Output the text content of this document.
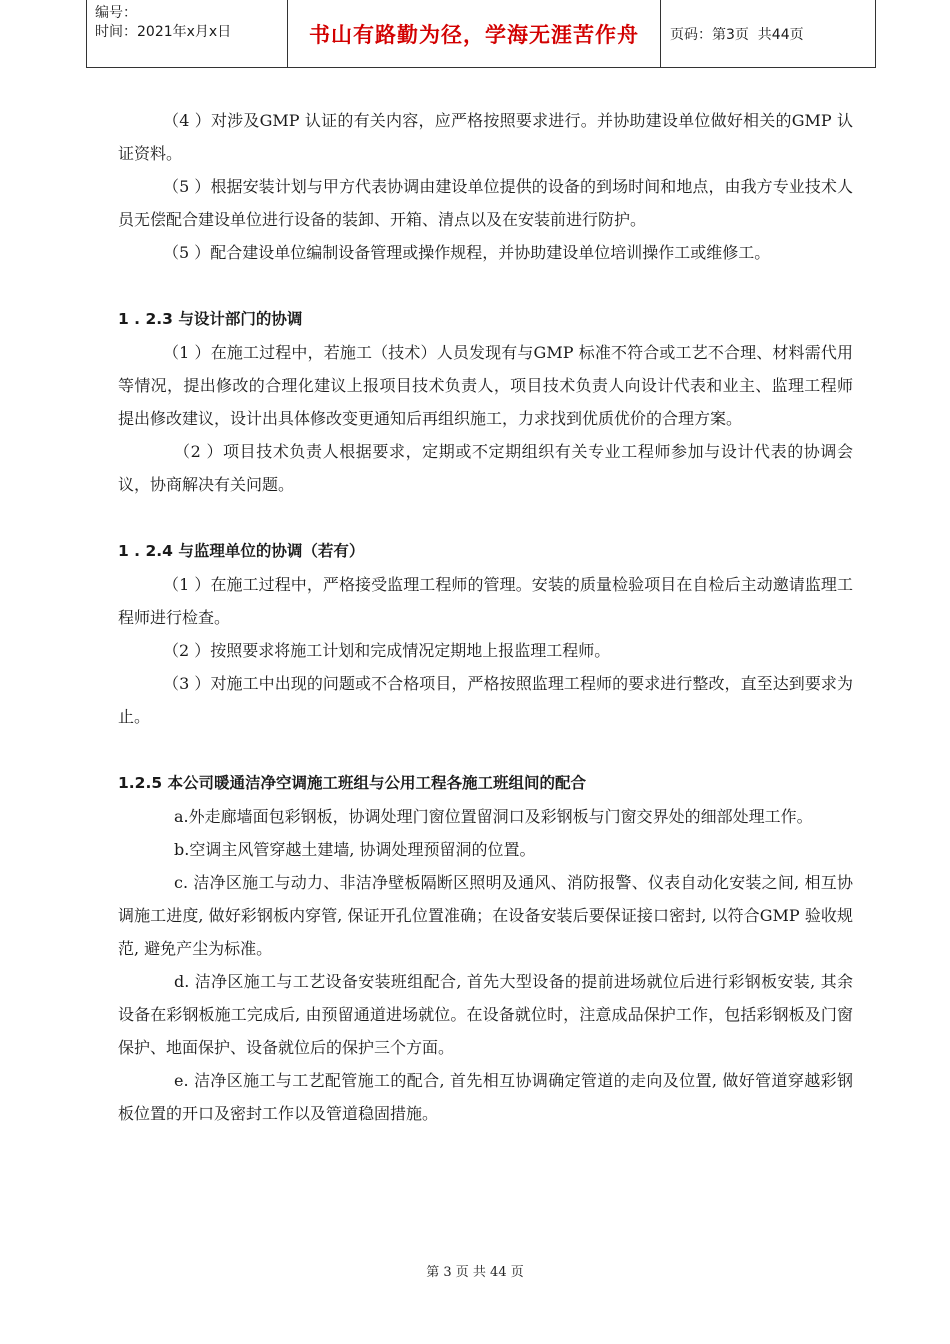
编号：
时间：2021年x月x日	书山有路勤为径，学海无涯苦作舟	页码：第3页  共44页

（4 ）对涉及GMP 认证的有关内容，应严格按照要求进行。并协助建设单位做好相关的GMP 认证资料。

（5 ）根据安装计划与甲方代表协调由建设单位提供的设备的到场时间和地点，由我方专业技术人员无偿配合建设单位进行设备的装卸、开箱、清点以及在安装前进行防护。

（5 ）配合建设单位编制设备管理或操作规程，并协助建设单位培训操作工或维修工。

1 . 2.3 与设计部门的协调

（1 ）在施工过程中，若施工（技术）人员发现有与GMP 标准不符合或工艺不合理、材料需代用等情况，提出修改的合理化建议上报项目技术负责人，项目技术负责人向设计代表和业主、监理工程师提出修改建议，设计出具体修改变更通知后再组织施工，力求找到优质优价的合理方案。

（2 ）项目技术负责人根据要求，定期或不定期组织有关专业工程师参加与设计代表的协调会议，协商解决有关问题。

1 . 2.4 与监理单位的协调（若有）

（1 ）在施工过程中，严格接受监理工程师的管理。安装的质量检验项目在自检后主动邀请监理工程师进行检查。

（2 ）按照要求将施工计划和完成情况定期地上报监理工程师。

（3 ）对施工中出现的问题或不合格项目，严格按照监理工程师的要求进行整改，直至达到要求为止。

1.2.5 本公司暖通洁净空调施工班组与公用工程各施工班组间的配合

a.外走廊墙面包彩钢板，协调处理门窗位置留洞口及彩钢板与门窗交界处的细部处理工作。

b.空调主风管穿越土建墙, 协调处理预留洞的位置。

c. 洁净区施工与动力、非洁净壁板隔断区照明及通风、消防报警、仪表自动化安装之间, 相互协调施工进度, 做好彩钢板内穿管, 保证开孔位置准确；在设备安装后要保证接口密封, 以符合GMP 验收规范, 避免产尘为标准。

d. 洁净区施工与工艺设备安装班组配合, 首先大型设备的提前进场就位后进行彩钢板安装, 其余设备在彩钢板施工完成后, 由预留通道进场就位。在设备就位时，注意成品保护工作，包括彩钢板及门窗保护、地面保护、设备就位后的保护三个方面。

e. 洁净区施工与工艺配管施工的配合, 首先相互协调确定管道的走向及位置, 做好管道穿越彩钢板位置的开口及密封工作以及管道稳固措施。

第 3 页 共 44 页
